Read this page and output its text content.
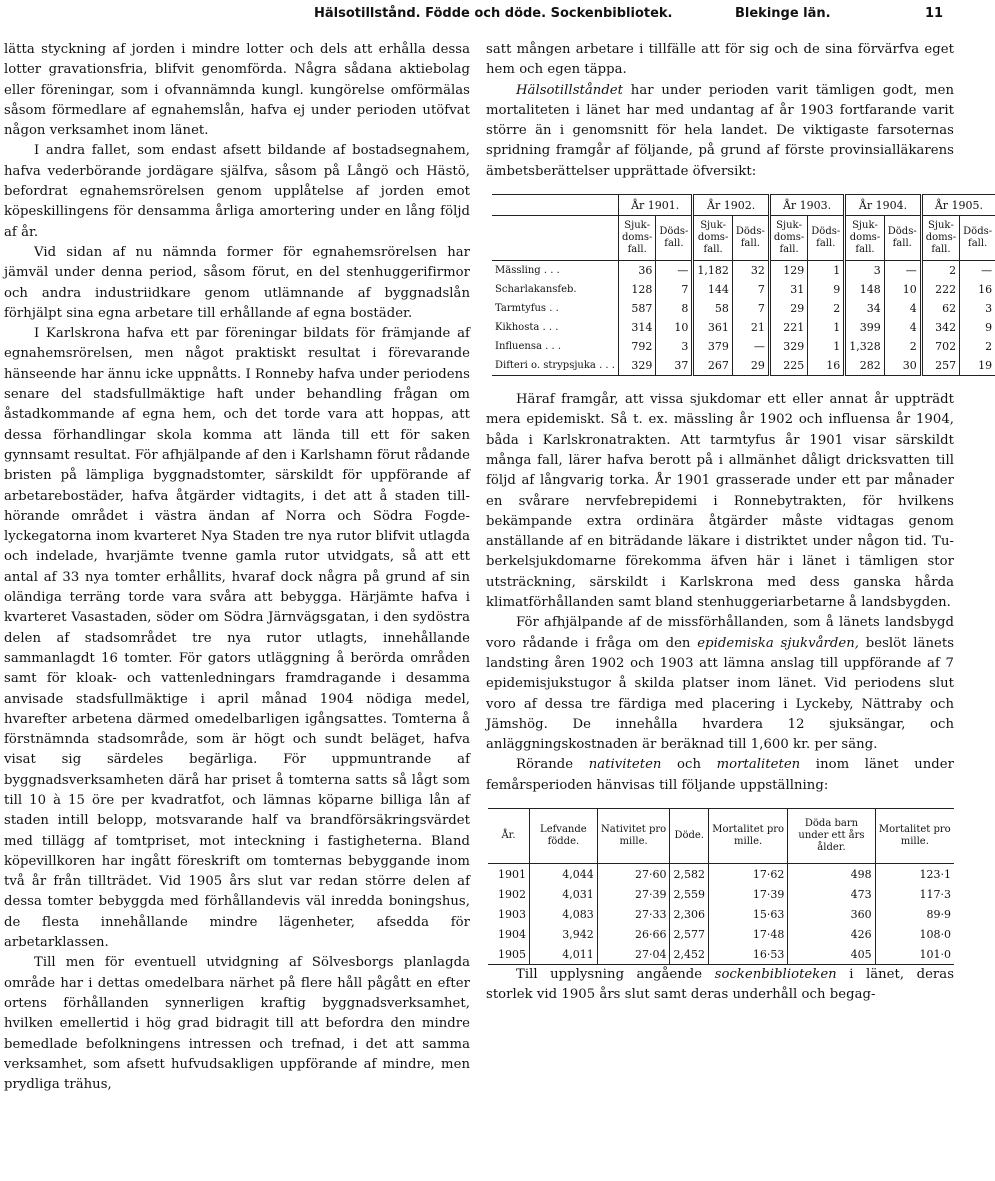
Hälsotillstånd. Födde och döde. Sockenbibliotek.	Blekinge län.	11

lätta styckning af jorden i mindre lotter och dels att erhålla dessa lotter gravationsfria, blifvit genomförda. Några sådana aktiebolag eller föreningar, som i ofvannämnda kungl. kungörelse omförmälas såsom förmedlare af egnahemslån, hafva ej under perioden utöfvat någon verksamhet inom länet.

I andra fallet, som endast afsett bildande af bostadsegnahem, hafva vederbörande jordägare själfva, såsom på Långö och Hästö, befordrat egnahemsrörelsen genom upplåtelse af jorden emot köpeskillingens för densamma årliga amortering under en lång följd af år.

Vid sidan af nu nämnda former för egnahemsrörelsen har jämväl under denna period, såsom förut, en del stenhuggerifirmor och andra industriidkare genom utlämnande af byggnadslån förhjälpt sina egna arbetare till erhållande af egna bostäder.

I Karlskrona hafva ett par föreningar bildats för främjande af egnahemsrörelsen, men något praktiskt resultat i förevarande hänseende har ännu icke uppnåtts. I Ronneby hafva under periodens senare del stadsfullmäktige haft under behandling frågan om åstadkommande af egna hem, och det torde vara att hoppas, att dessa förhandlingar skola komma att lända till ett för saken gynnsamt resultat. För afhjälpande af den i Karlshamn förut rådande bristen på lämpliga byggnadstomter, särskildt för uppförande af arbetarebostäder, hafva åtgärder vidtagits, i det att å staden tillhörande området i västra ändan af Norra och Södra Fogdelyckegatorna inom kvarteret Nya Staden tre nya rutor blifvit utlagda och indelade, hvarjämte tvenne gamla rutor utvidgats, så att ett antal af 33 nya tomter erhållits, hvaraf dock några på grund af sin oländiga terräng torde vara svåra att bebygga. Härjämte hafva i kvarteret Vasastaden, söder om Södra Järnvägsgatan, i den sydöstra delen af stadsområdet tre nya rutor utlagts, innehållande sammanlagdt 16 tomter. För gators utläggning å berörda områden samt för kloak- och vattenledningars framdragande i desamma anvisade stadsfullmäktige i april månad 1904 nödiga medel, hvarefter arbetena därmed omedelbarligen igångsattes. Tomterna å förstnämnda stadsområde, som är högt och sundt beläget, hafva visat sig särdeles begärliga. För uppmuntrande af byggnadsverksamheten därå har priset å tomterna satts så lågt som till 10 à 15 öre per kvadratfot, och lämnas köparne billiga lån af staden intill belopp, motsvarande half va brandförsäkringsvärdet med tillägg af tomtpriset, mot inteckning i fastigheterna. Bland köpevillkoren har ingått föreskrift om tomternas bebyggande inom två år från tillträdet. Vid 1905 års slut var redan större delen af dessa tomter bebyggda med förhållandevis väl inredda boningshus, de flesta innehållande mindre lägenheter, afsedda för arbetarklassen.

Till men för eventuell utvidgning af Sölvesborgs planlagda område har i dettas omedelbara närhet på flere håll pågått en efter ortens förhållanden synnerligen kraftig byggnadsverksamhet, hvilken emellertid i hög grad bidragit till att befordra den mindre bemedlade befolkningens intressen och trefnad, i det att samma verksamhet, som afsett hufvudsakligen uppförande af mindre, men prydliga trähus,

satt mången arbetare i tillfälle att för sig och de sina förvärfva eget hem och egen täppa.

Hälsotillståndet har under perioden varit tämligen godt, men mortaliteten i länet har med undantag af år 1903 fortfarande varit större än i genomsnitt för hela landet. De viktigaste farsoternas spridning framgår af följande, på grund af förste provinsialläkarens ämbetsberättelser upprättade öfversikt:

	År 1901.		År 1902.		År 1903.		År 1904.		År 1905.	
	Sjukdomsfall.	Dödsfall.	Sjukdomsfall.	Dödsfall.	Sjukdomsfall.	Dödsfall.	Sjukdomsfall.	Dödsfall.	Sjukdomsfall.	Dödsfall.
Mässling . . .	36	—	1,182	32	129	1	3	—	2	—
Scharlakansfeb.	128	7	144	7	31	9	148	10	222	16
Tarmtyfus . .	587	8	58	7	29	2	34	4	62	3
Kikhosta . . .	314	10	361	21	221	1	399	4	342	9
Influensa . . .	792	3	379	—	329	1	1,328	2	702	2
Difteri o. strypsjuka . . .	329	37	267	29	225	16	282	30	257	19

Häraf framgår, att vissa sjukdomar ett eller annat år uppträdt mera epidemiskt. Så t. ex. mässling år 1902 och influensa år 1904, båda i Karlskronatrakten. Att tarmtyfus år 1901 visar särskildt många fall, lärer hafva berott på i allmänhet dåligt dricksvatten till följd af långvarig torka. År 1901 grasserade under ett par månader en svårare nervfebrepidemi i Ronnebytrakten, för hvilkens bekämpande extra ordinära åtgärder måste vidtagas genom anställande af en biträdande läkare i distriktet under någon tid. Tuberkelsjukdomarne förekomma äfven här i länet i tämligen stor utsträckning, särskildt i Karlskrona med dess ganska hårda klimatförhållanden samt bland stenhuggeriarbetarne å landsbygden.

För afhjälpande af de missförhållanden, som å länets landsbygd voro rådande i fråga om den epidemiska sjukvården, beslöt länets landsting åren 1902 och 1903 att lämna anslag till uppförande af 7 epidemisjukstugor å skilda platser inom länet. Vid periodens slut voro af dessa tre färdiga med placering i Lyckeby, Nättraby och Jämshög. De innehålla hvardera 12 sjuksängar, och anläggningskostnaden är beräknad till 1,600 kr. per säng.

Rörande nativiteten och mortaliteten inom länet under femårsperioden hänvisas till följande uppställning:

År.	Lefvande födde.	Nativitet pro mille.	Döde.	Mortalitet pro mille.	Döda barn under ett års ålder.	Mortalitet pro mille.
1901	4,044	27·60	2,582	17·62	498	123·1
1902	4,031	27·39	2,559	17·39	473	117·3
1903	4,083	27·33	2,306	15·63	360	89·9
1904	3,942	26·66	2,577	17·48	426	108·0
1905	4,011	27·04	2,452	16·53	405	101·0

Till upplysning angående sockenbiblioteken i länet, deras storlek vid 1905 års slut samt deras underhåll och begag-
